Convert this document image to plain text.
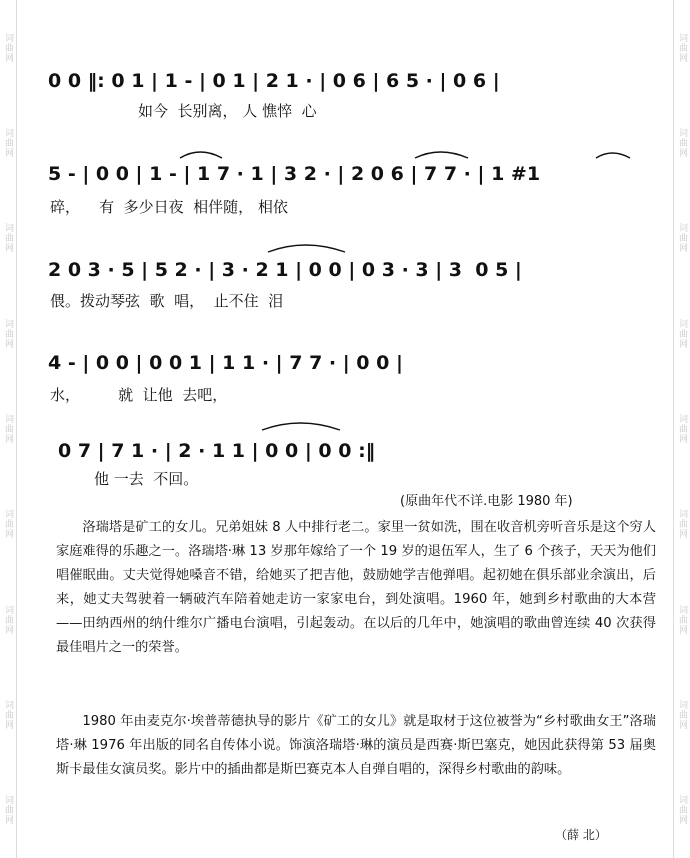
词曲网
词曲网
词曲网
词曲网
词曲网
词曲网
词曲网
词曲网
词曲网
词曲网
词曲网
词曲网
词曲网
词曲网
词曲网
词曲网
词曲网
词曲网
0 0 ‖: 0 1 | 1 - | 0 1 | 2 1 · | 0 6 | 6 5 · | 0 6 |
如今  长别离， 人 憔悴  心
5 - | 0 0 | 1 - | 1 7 · 1 | 3 2 · | 2 0 6 | 7 7 · | 1 #1
碎，    有  多少日夜  相伴随， 相依
2 0 3 · 5 | 5 2 · | 3 · 2 1 | 0 0 | 0 3 · 3 | 3  0 5 |
偎。拨动琴弦  歌  唱，  止不住  泪
4 - | 0 0 | 0 0 1 | 1 1 · | 7 7 · | 0 0 |
水，        就  让他  去吧，
0 7 | 7 1 · | 2 · 1 1 | 0 0 | 0 0 :‖
他 一去  不回。
(原曲年代不详.电影 1980 年)

洛瑞塔是矿工的女儿。兄弟姐妹 8 人中排行老二。家里一贫如洗，围在收音机旁听音乐是这个穷人家庭难得的乐趣之一。洛瑞塔·琳 13 岁那年嫁给了一个 19 岁的退伍军人，生了 6 个孩子，天天为他们唱催眠曲。丈夫觉得她嗓音不错，给她买了把吉他，鼓励她学吉他弹唱。起初她在俱乐部业余演出，后来，她丈夫驾驶着一辆破汽车陪着她走访一家家电台，到处演唱。1960 年，她到乡村歌曲的大本营——田纳西州的纳什维尔广播电台演唱，引起轰动。在以后的几年中，她演唱的歌曲曾连续 40 次获得最佳唱片之一的荣誉。

1980 年由麦克尔·埃普蒂德执导的影片《矿工的女儿》就是取材于这位被誉为“乡村歌曲女王”洛瑞塔·琳 1976 年出版的同名自传体小说。饰演洛瑞塔·琳的演员是西赛·斯巴塞克，她因此获得第 53 届奥斯卡最佳女演员奖。影片中的插曲都是斯巴赛克本人自弹自唱的，深得乡村歌曲的韵味。

（薛 北）
